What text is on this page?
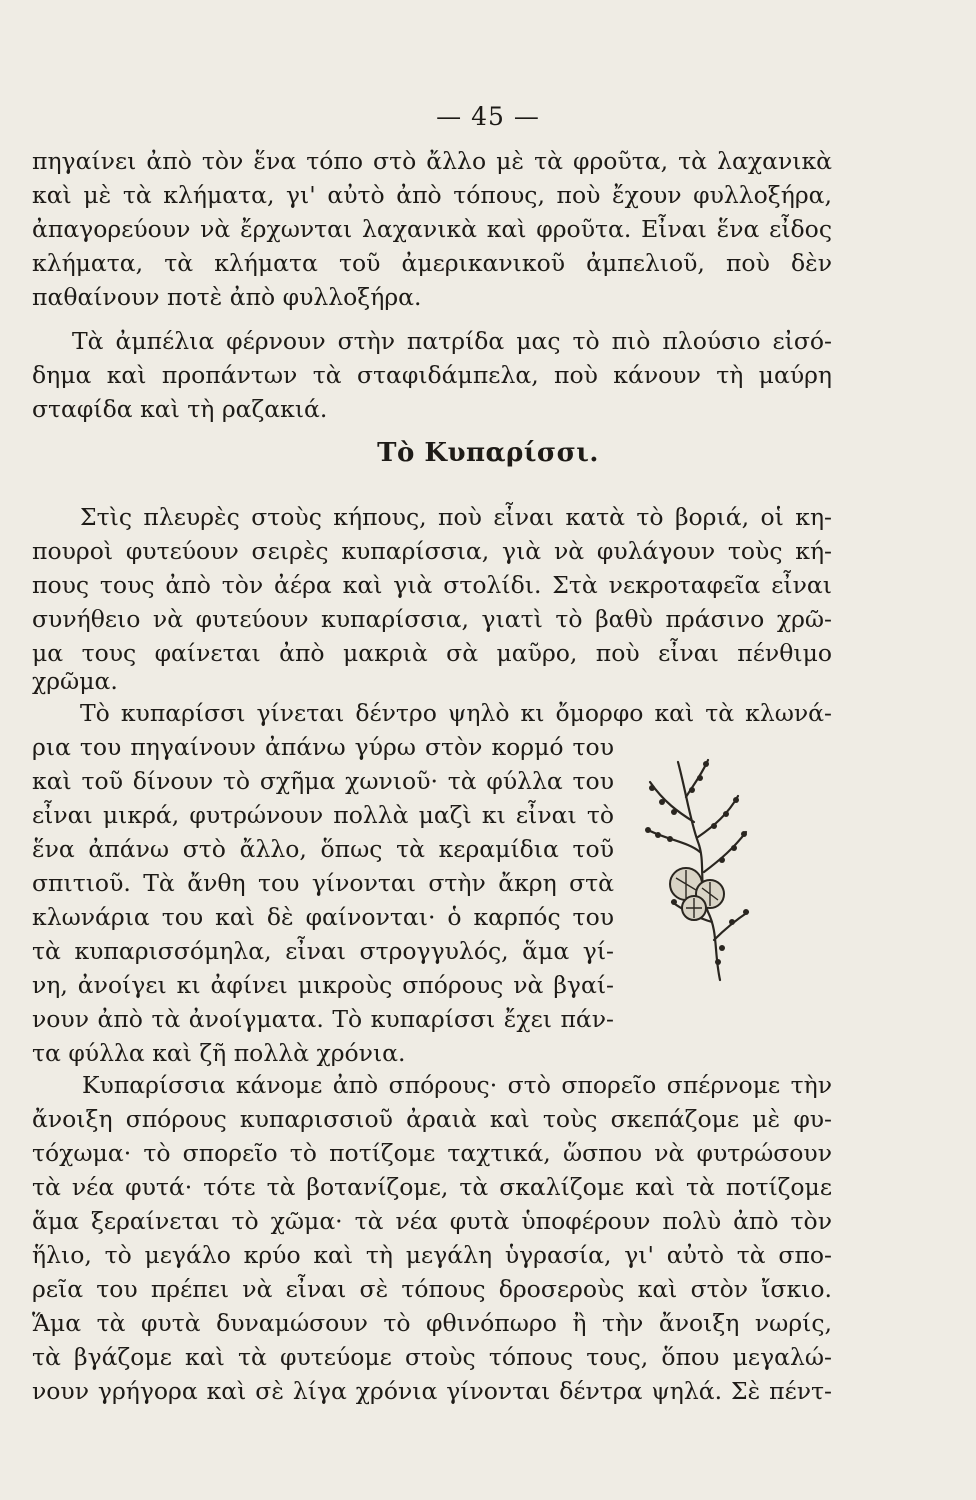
— 45 —
πηγαίνει ἀπὸ τὸν ἕνα τόπο στὸ ἄλλο μὲ τὰ φροῦτα, τὰ λαχανικὰ
καὶ μὲ τὰ κλήματα, γι' αὐτὸ ἀπὸ τόπους, ποὺ ἔχουν φυλλοξήρα,
ἀπαγορεύουν νὰ ἔρχωνται λαχανικὰ καὶ φροῦτα. Εἶναι ἕνα εἶδος
κλήματα, τὰ κλήματα τοῦ ἀμερικανικοῦ ἀμπελιοῦ, ποὺ δὲν
παθαίνουν ποτὲ ἀπὸ φυλλοξήρα.
Τὰ ἀμπέλια φέρνουν στὴν πατρίδα μας τὸ πιὸ πλούσιο εἰσό-
δημα καὶ προπάντων τὰ σταφιδάμπελα, ποὺ κάνουν τὴ μαύρη
σταφίδα καὶ τὴ ραζακιά.
Τὸ Κυπαρίσσι.
Στὶς πλευρὲς στοὺς κήπους, ποὺ εἶναι κατὰ τὸ βοριά, οἱ κη-
πουροὶ φυτεύουν σειρὲς κυπαρίσσια, γιὰ νὰ φυλάγουν τοὺς κή-
πους τους ἀπὸ τὸν ἀέρα καὶ γιὰ στολίδι. Στὰ νεκροταφεῖα εἶναι
συνήθειο νὰ φυτεύουν κυπαρίσσια, γιατὶ τὸ βαθὺ πράσινο χρῶ-
μα τους φαίνεται ἀπὸ μακριὰ σὰ μαῦρο, ποὺ εἶναι πένθιμο
χρῶμα.
Τὸ κυπαρίσσι γίνεται δέντρο ψηλὸ κι ὄμορφο καὶ τὰ κλωνά-
ρια του πηγαίνουν ἀπάνω γύρω στὸν κορμό του
καὶ τοῦ δίνουν τὸ σχῆμα χωνιοῦ· τὰ φύλλα του
εἶναι μικρά, φυτρώνουν πολλὰ μαζὶ κι εἶναι τὸ
ἕνα ἀπάνω στὸ ἄλλο, ὅπως τὰ κεραμίδια τοῦ
σπιτιοῦ. Τὰ ἄνθη του γίνονται στὴν ἄκρη στὰ
κλωνάρια του καὶ δὲ φαίνονται· ὁ καρπός του
τὰ κυπαρισσόμηλα, εἶναι στρογγυλός, ἅμα γί-
νη, ἀνοίγει κι ἀφίνει μικροὺς σπόρους νὰ βγαί-
νουν ἀπὸ τὰ ἀνοίγματα. Τὸ κυπαρίσσι ἔχει πάν-
τα φύλλα καὶ ζῆ πολλὰ χρόνια.
Κυπαρίσσια κάνομε ἀπὸ σπόρους· στὸ σπορεῖο σπέρνομε τὴν
ἄνοιξη σπόρους κυπαρισσιοῦ ἀραιὰ καὶ τοὺς σκεπάζομε μὲ φυ-
τόχωμα· τὸ σπορεῖο τὸ ποτίζομε ταχτικά, ὥσπου νὰ φυτρώσουν
τὰ νέα φυτά· τότε τὰ βοτανίζομε, τὰ σκαλίζομε καὶ τὰ ποτίζομε
ἅμα ξεραίνεται τὸ χῶμα· τὰ νέα φυτὰ ὑποφέρουν πολὺ ἀπὸ τὸν
ἥλιο, τὸ μεγάλο κρύο καὶ τὴ μεγάλη ὑγρασία, γι' αὐτὸ τὰ σπο-
ρεῖα του πρέπει νὰ εἶναι σὲ τόπους δροσεροὺς καὶ στὸν ἴσκιο.
Ἅμα τὰ φυτὰ δυναμώσουν τὸ φθινόπωρο ἢ τὴν ἄνοιξη νωρίς,
τὰ βγάζομε καὶ τὰ φυτεύομε στοὺς τόπους τους, ὅπου μεγαλώ-
νουν γρήγορα καὶ σὲ λίγα χρόνια γίνονται δέντρα ψηλά. Σὲ πέντ-
